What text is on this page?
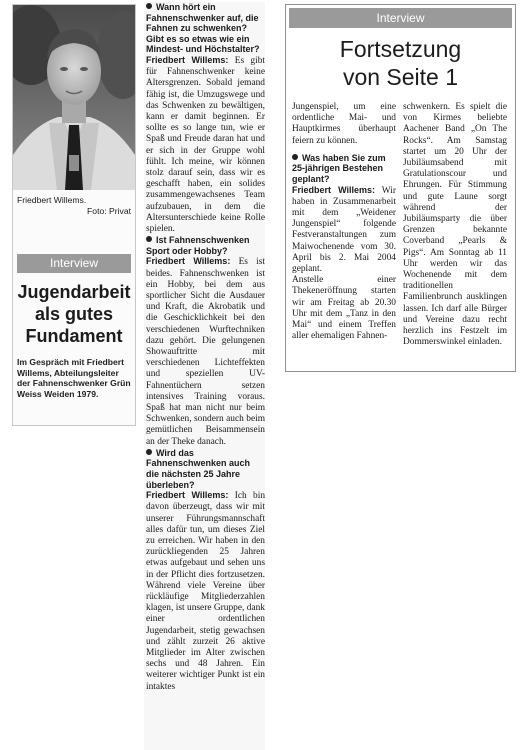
Friedbert Willems.
Foto: Privat
Interview
Jugendarbeit als gutes Fundament
Im Gespräch mit Friedbert Willems, Abteilungsleiter der Fahnenschwenker Grün Weiss Weiden 1979.

Wann hört ein Fahnenschwenker auf, die Fahnen zu schwenken? Gibt es so etwas wie ein Mindest- und Höchstalter?

Friedbert Willems: Es gibt für Fahnenschwenker keine Altersgrenzen. Sobald jemand fähig ist, die Umzugswege und das Schwenken zu bewältigen, kann er damit beginnen. Er sollte es so lange tun, wie er Spaß und Freude daran hat und er sich in der Gruppe wohl fühlt. Ich meine, wir können stolz darauf sein, dass wir es geschafft haben, ein solides zusammengewachsenes Team aufzubauen, in dem die Altersunterschiede keine Rolle spielen.

Ist Fahnenschwenken Sport oder Hobby?

Friedbert Willems: Es ist beides. Fahnenschwenken ist ein Hobby, bei dem aus sportlicher Sicht die Ausdauer und Kraft, die Akrobatik und die Geschicklichkeit bei den verschiedenen Wurftechniken dazu gehört. Die gelungenen Showauftritte mit verschiedenen Lichteffekten und speziellen UV-Fahnentüchern setzen intensives Training voraus. Spaß hat man nicht nur beim Schwenken, sondern auch beim gemütlichen Beisammensein an der Theke danach.

Wird das Fahnenschwenken auch die nächsten 25 Jahre überleben?

Friedbert Willems: Ich bin davon überzeugt, dass wir mit unserer Führungsmannschaft alles dafür tun, um dieses Ziel zu erreichen. Wir haben in den zurückliegenden 25 Jahren etwas aufgebaut und sehen uns in der Pflicht dies fortzusetzen. Während viele Vereine über rückläufige Mitgliederzahlen klagen, ist unsere Gruppe, dank einer ordentlichen Jugendarbeit, stetig gewachsen und zählt zurzeit 26 aktive Mitglieder im Alter zwischen sechs und 48 Jahren. Ein weiterer wichtiger Punkt ist ein intaktes

Interview
Fortsetzung
von Seite 1

Jungenspiel, um eine ordentliche Mai- und Hauptkirmes überhaupt feiern zu können.

Was haben Sie zum 25-jährigen Bestehen geplant?

Friedbert Willems: Wir haben in Zusammenarbeit mit dem „Weidener Jungenspiel“ folgende Festveranstaltungen zum Maiwochenende vom 30. April bis 2. Mai 2004 geplant.

Anstelle einer Thekeneröffnung starten wir am Freitag ab 20.30 Uhr mit dem „Tanz in den Mai“ und einem Treffen aller ehemaligen Fahnen-

schwenkern. Es spielt die von Kirmes beliebte Aachener Band „On The Rocks“. Am Samstag startet um 20 Uhr der Jubiläumsabend mit Gratulationscour und Ehrungen. Für Stimmung und gute Laune sorgt während der Jubiläumsparty die über Grenzen bekannte Coverband „Pearls & Pigs“. Am Sonntag ab 11 Uhr werden wir das Wochenende mit dem traditionellen Familienbrunch ausklingen lassen. Ich darf alle Bürger und Vereine dazu recht herzlich ins Festzelt im Dommerswinkel einladen.
